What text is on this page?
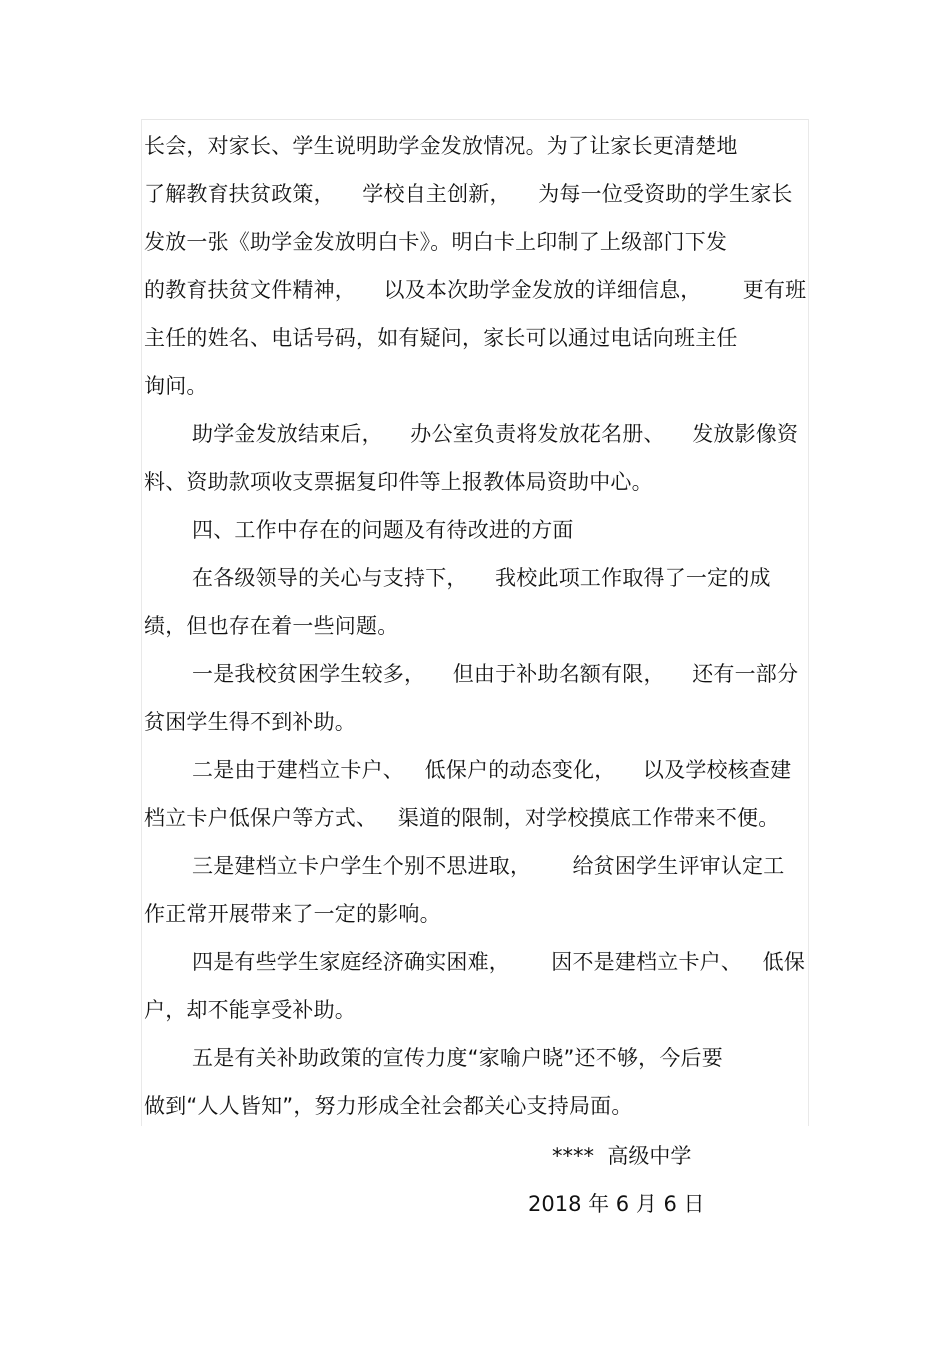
长会，对家长、学生说明助学金发放情况。为了让家长更清楚地
了解教育扶贫政策，    学校自主创新，    为每一位受资助的学生家长
发放一张《助学金发放明白卡》。明白卡上印制了上级部门下发
的教育扶贫文件精神，    以及本次助学金发放的详细信息，      更有班
主任的姓名、电话号码，如有疑问，家长可以通过电话向班主任
询问。
助学金发放结束后，    办公室负责将发放花名册、    发放影像资
料、资助款项收支票据复印件等上报教体局资助中心。
四、工作中存在的问题及有待改进的方面
在各级领导的关心与支持下，    我校此项工作取得了一定的成
绩，但也存在着一些问题。
一是我校贫困学生较多，    但由于补助名额有限，    还有一部分
贫困学生得不到补助。
二是由于建档立卡户、   低保户的动态变化，    以及学校核查建
档立卡户低保户等方式、   渠道的限制，对学校摸底工作带来不便。
三是建档立卡户学生个别不思进取，      给贫困学生评审认定工
作正常开展带来了一定的影响。
四是有些学生家庭经济确实困难，      因不是建档立卡户、   低保
户，却不能享受补助。
五是有关补助政策的宣传力度“家喻户晓”还不够，今后要
做到“人人皆知”，努力形成全社会都关心支持局面。
****  高级中学
2018 年 6 月 6 日
